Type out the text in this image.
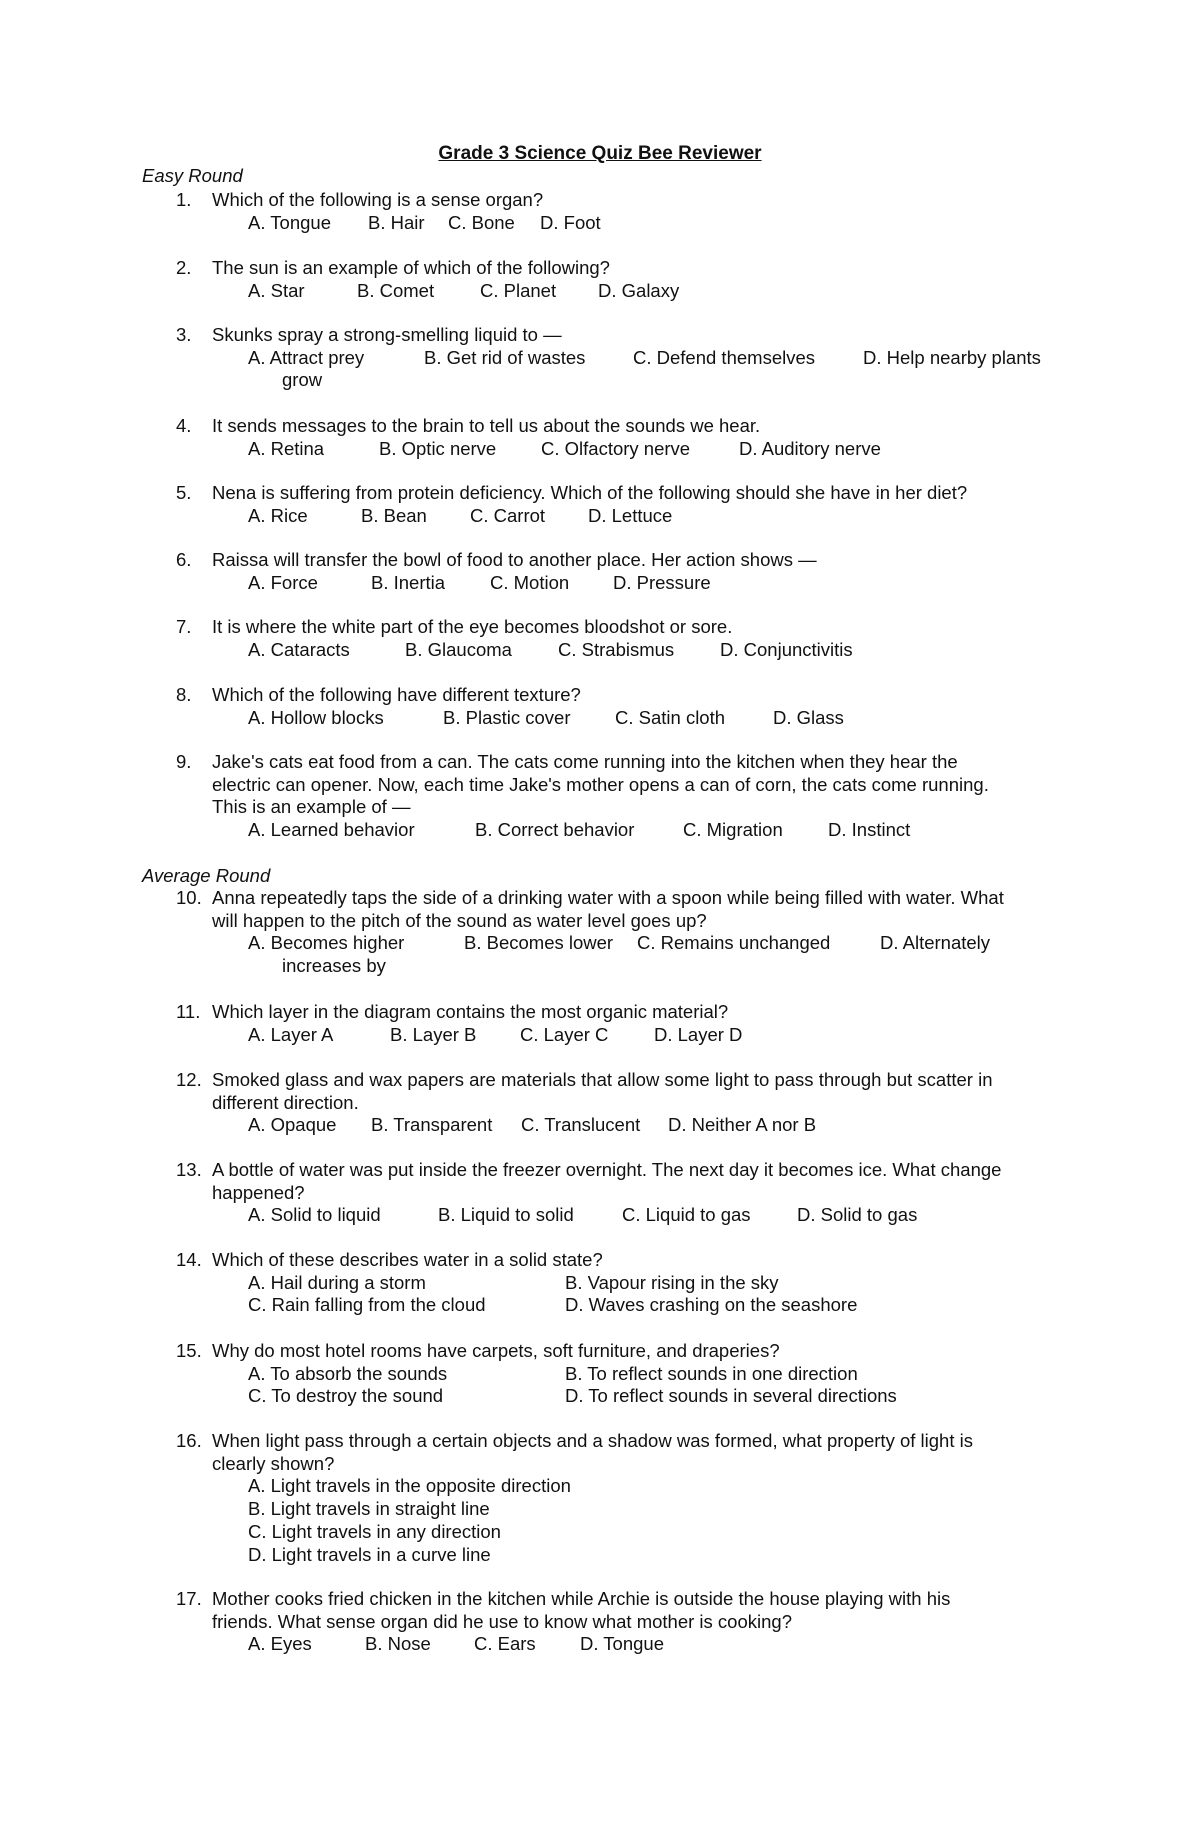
Grade 3 Science Quiz Bee Reviewer
Easy Round
Average Round
1. Which of the following is a sense organ?
A. Tongue B. Hair C. Bone D. Foot
2. The sun is an example of which of the following?
A. Star	B. Comet C. Planet D. Galaxy
3. Skunks spray a strong-smelling liquid to —
A. Attract prey	B. Get rid of wastes	C. Defend themselves	D. Help nearby plants
grow
4. It sends messages to the brain to tell us about the sounds we hear.
A. Retina	B. Optic nerve C. Olfactory nerve	D. Auditory nerve
5. Nena is suffering from protein deficiency. Which of the following should she have in her diet?
A. Rice	B. Bean C. Carrot D. Lettuce
6. Raissa will transfer the bowl of food to another place. Her action shows —
A. Force	B. Inertia C. Motion D. Pressure
7. It is where the white part of the eye becomes bloodshot or sore.
A. Cataracts	B. Glaucoma C. Strabismus D. Conjunctivitis
8. Which of the following have different texture?
A. Hollow blocks	B. Plastic cover C. Satin cloth	D. Glass
9. Jake's cats eat food from a can. The cats come running into the kitchen when they hear the
electric can opener. Now, each time Jake's mother opens a can of corn, the cats come running.
This is an example of —
A. Learned behavior	B. Correct behavior	C. Migration D. Instinct
10. Anna repeatedly taps the side of a drinking water with a spoon while being filled with water. What
will happen to the pitch of the sound as water level goes up?
A. Becomes higher	B. Becomes lower C. Remains unchanged	D. Alternately
increases by
11. Which layer in the diagram contains the most organic material?
A. Layer A	B. Layer B C. Layer C D. Layer D
12. Smoked glass and wax papers are materials that allow some light to pass through but scatter in
different direction.
A. Opaque B. Transparent C. Translucent D. Neither A nor B
13. A bottle of water was put inside the freezer overnight. The next day it becomes ice. What change
happened?
A. Solid to liquid	B. Liquid to solid	C. Liquid to gas	D. Solid to gas
14. Which of these describes water in a solid state?
A. Hail during a storm	B. Vapour rising in the sky
C. Rain falling from the cloud	D. Waves crashing on the seashore
15. Why do most hotel rooms have carpets, soft furniture, and draperies?
A. To absorb the sounds	B. To reflect sounds in one direction
C. To destroy the sound	D. To reflect sounds in several directions
16. When light pass through a certain objects and a shadow was formed, what property of light is
clearly shown?
A. Light travels in the opposite direction
B. Light travels in straight line
C. Light travels in any direction
D. Light travels in a curve line
17. Mother cooks fried chicken in the kitchen while Archie is outside the house playing with his
friends. What sense organ did he use to know what mother is cooking?
A. Eyes	B. Nose C. Ears D. Tongue
